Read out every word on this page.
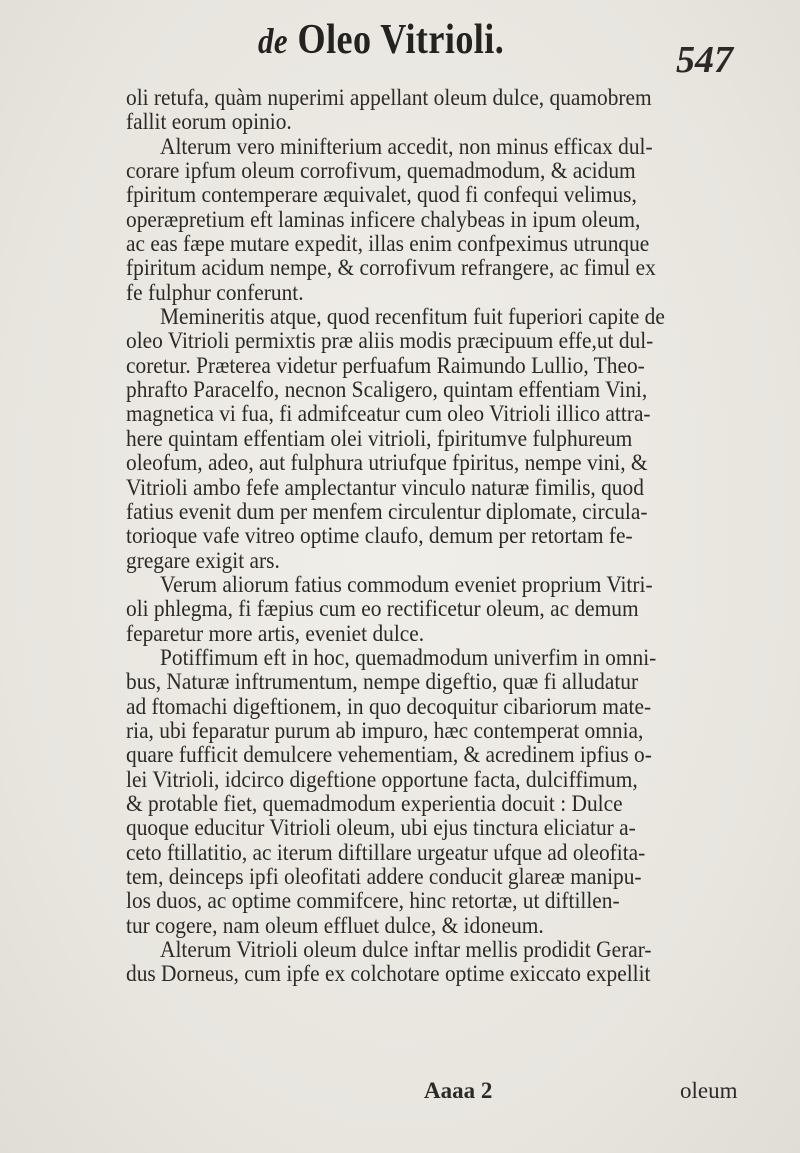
de Oleo Vitrioli.	547
oli retufa, quàm nuperimi appellant oleum dulce, quamobrem
fallit eorum opinio.
Alterum vero minifterium accedit, non minus efficax dul-
corare ipfum oleum corrofivum, quemadmodum, & acidum
fpiritum contemperare æquivalet, quod fi confequi velimus,
operæpretium eft laminas inficere chalybeas in ipum oleum,
ac eas fæpe mutare expedit, illas enim confpeximus utrunque
fpiritum acidum nempe, & corrofivum refrangere, ac fimul ex
fe fulphur conferunt.
Memineritis atque, quod recenfitum fuit fuperiori capite de
oleo Vitrioli permixtis præ aliis modis præcipuum effe,ut dul-
coretur. Præterea videtur perfuafum Raimundo Lullio, Theo-
phrafto Paracelfo, necnon Scaligero, quintam effentiam Vini,
magnetica vi fua, fi admifceatur cum oleo Vitrioli illico attra-
here quintam effentiam olei vitrioli, fpiritumve fulphureum
oleofum, adeo, aut fulphura utriufque fpiritus, nempe vini, &
Vitrioli ambo fefe amplectantur vinculo naturæ fimilis, quod
fatius evenit dum per menfem circulentur diplomate, circula-
torioque vafe vitreo optime claufo, demum per retortam fe-
gregare exigit ars.
Verum aliorum fatius commodum eveniet proprium Vitri-
oli phlegma, fi fæpius cum eo rectificetur oleum, ac demum
feparetur more artis, eveniet dulce.
Potiffimum eft in hoc, quemadmodum univerfim in omni-
bus, Naturæ inftrumentum, nempe digeftio, quæ fi alludatur
ad ftomachi digeftionem, in quo decoquitur cibariorum mate-
ria, ubi feparatur purum ab impuro, hæc contemperat omnia,
quare fufficit demulcere vehementiam, & acredinem ipfius o-
lei Vitrioli, idcirco digeftione opportune facta, dulciffimum,
& protable fiet, quemadmodum experientia docuit : Dulce
quoque educitur Vitrioli oleum, ubi ejus tinctura eliciatur a-
ceto ftillatitio, ac iterum diftillare urgeatur ufque ad oleofita-
tem, deinceps ipfi oleofitati addere conducit glareæ manipu-
los duos, ac optime commifcere, hinc retortæ, ut diftillen-
tur cogere, nam oleum effluet dulce, & idoneum.
Alterum Vitrioli oleum dulce inftar mellis prodidit Gerar-
dus Dorneus, cum ipfe ex colchotare optime exiccato expellit
Aaaa 2	oleum
